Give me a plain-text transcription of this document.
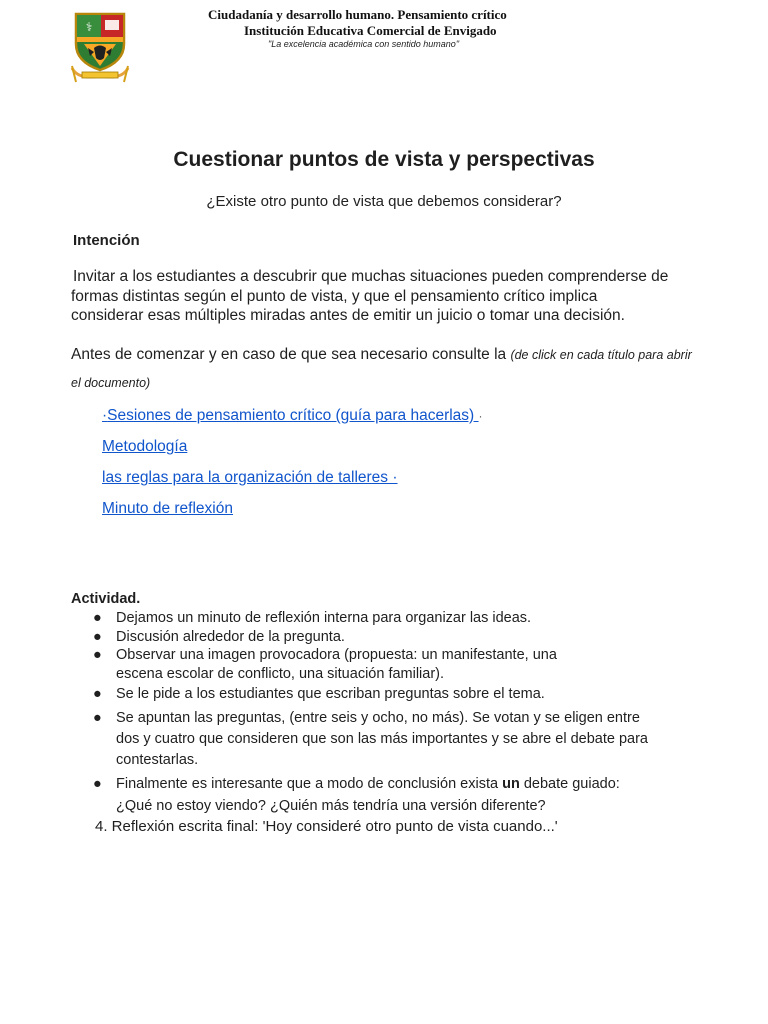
⚕
Ciudadanía y desarrollo humano. Pensamiento crítico
Institución Educativa Comercial de Envigado
"La excelencia académica con sentido humano"
Cuestionar puntos de vista y perspectivas
¿Existe otro punto de vista que debemos considerar?
Intención
Invitar a los estudiantes a descubrir que muchas situaciones pueden comprenderse de
formas distintas según el punto de vista, y que el pensamiento crítico implica
considerar esas múltiples miradas antes de emitir un juicio o tomar una decisión.
Antes de comenzar y en caso de que sea necesario consulte la (de click en cada título para abrir el documento)
·Sesiones de pensamiento crítico (guía para hacerlas) ·
Metodología
las reglas para la organización de talleres ·
Minuto de reflexión
Actividad.
● Dejamos un minuto de reflexión interna para organizar las ideas.
● Discusión alrededor de la pregunta.
● Observar una imagen provocadora (propuesta: un manifestante, una
escena escolar de conflicto, una situación familiar).
● Se le pide a los estudiantes que escriban preguntas sobre el tema.
● Se apuntan las preguntas, (entre seis y ocho, no más). Se votan y se eligen entre
dos y cuatro que consideren que son las más importantes y se abre el debate para
contestarlas.
● Finalmente es interesante que a modo de conclusión exista un debate guiado:
¿Qué no estoy viendo? ¿Quién más tendría una versión diferente?
4. Reflexión escrita final: 'Hoy consideré otro punto de vista cuando...'
